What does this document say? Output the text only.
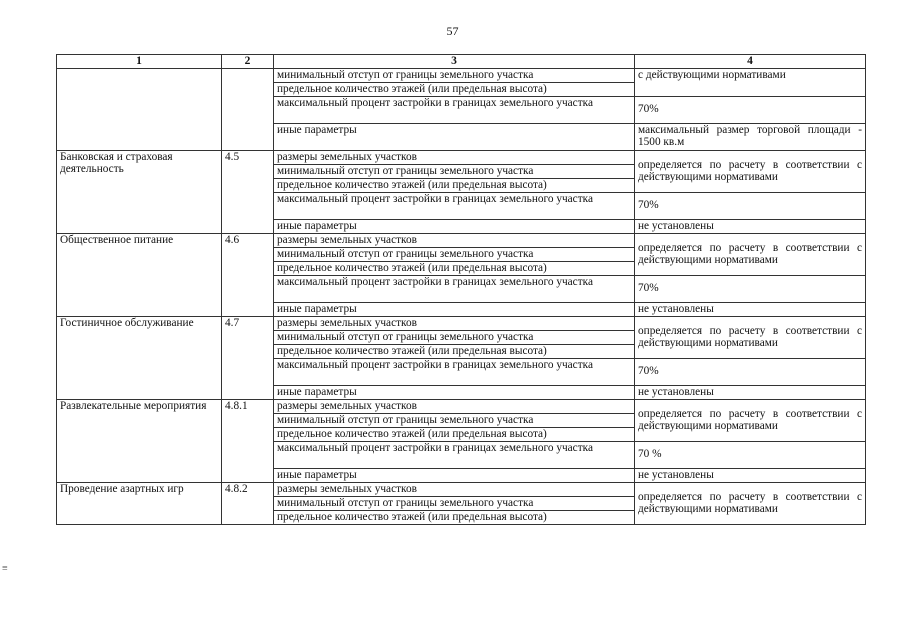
57
≡
1	2	3	4
		минимальный отступ от границы земельного участка	с действующими нормативами
		предельное количество этажей (или предельная высота)	
		максимальный процент застройки в границах земельного участка	70%
		иные параметры	максимальный размер торговой площади - 1500 кв.м
Банковская и страховая деятельность	4.5	размеры земельных участков	определяется по расчету в соответствии с действующими нормативами
		минимальный отступ от границы земельного участка	
		предельное количество этажей (или предельная высота)	
		максимальный процент застройки в границах земельного участка	70%
		иные параметры	не установлены
Общественное питание	4.6	размеры земельных участков	определяется по расчету в соответствии с действующими нормативами
		минимальный отступ от границы земельного участка	
		предельное количество этажей (или предельная высота)	
		максимальный процент застройки в границах земельного участка	70%
		иные параметры	не установлены
Гостиничное обслуживание	4.7	размеры земельных участков	определяется по расчету в соответствии с действующими нормативами
		минимальный отступ от границы земельного участка	
		предельное количество этажей (или предельная высота)	
		максимальный процент застройки в границах земельного участка	70%
		иные параметры	не установлены
Развлекательные мероприятия	4.8.1	размеры земельных участков	определяется по расчету в соответствии с действующими нормативами
		минимальный отступ от границы земельного участка	
		предельное количество этажей (или предельная высота)	
		максимальный процент застройки в границах земельного участка	70 %
		иные параметры	не установлены
Проведение азартных игр	4.8.2	размеры земельных участков	определяется по расчету в соответствии с действующими нормативами
		минимальный отступ от границы земельного участка	
		предельное количество этажей (или предельная высота)	
